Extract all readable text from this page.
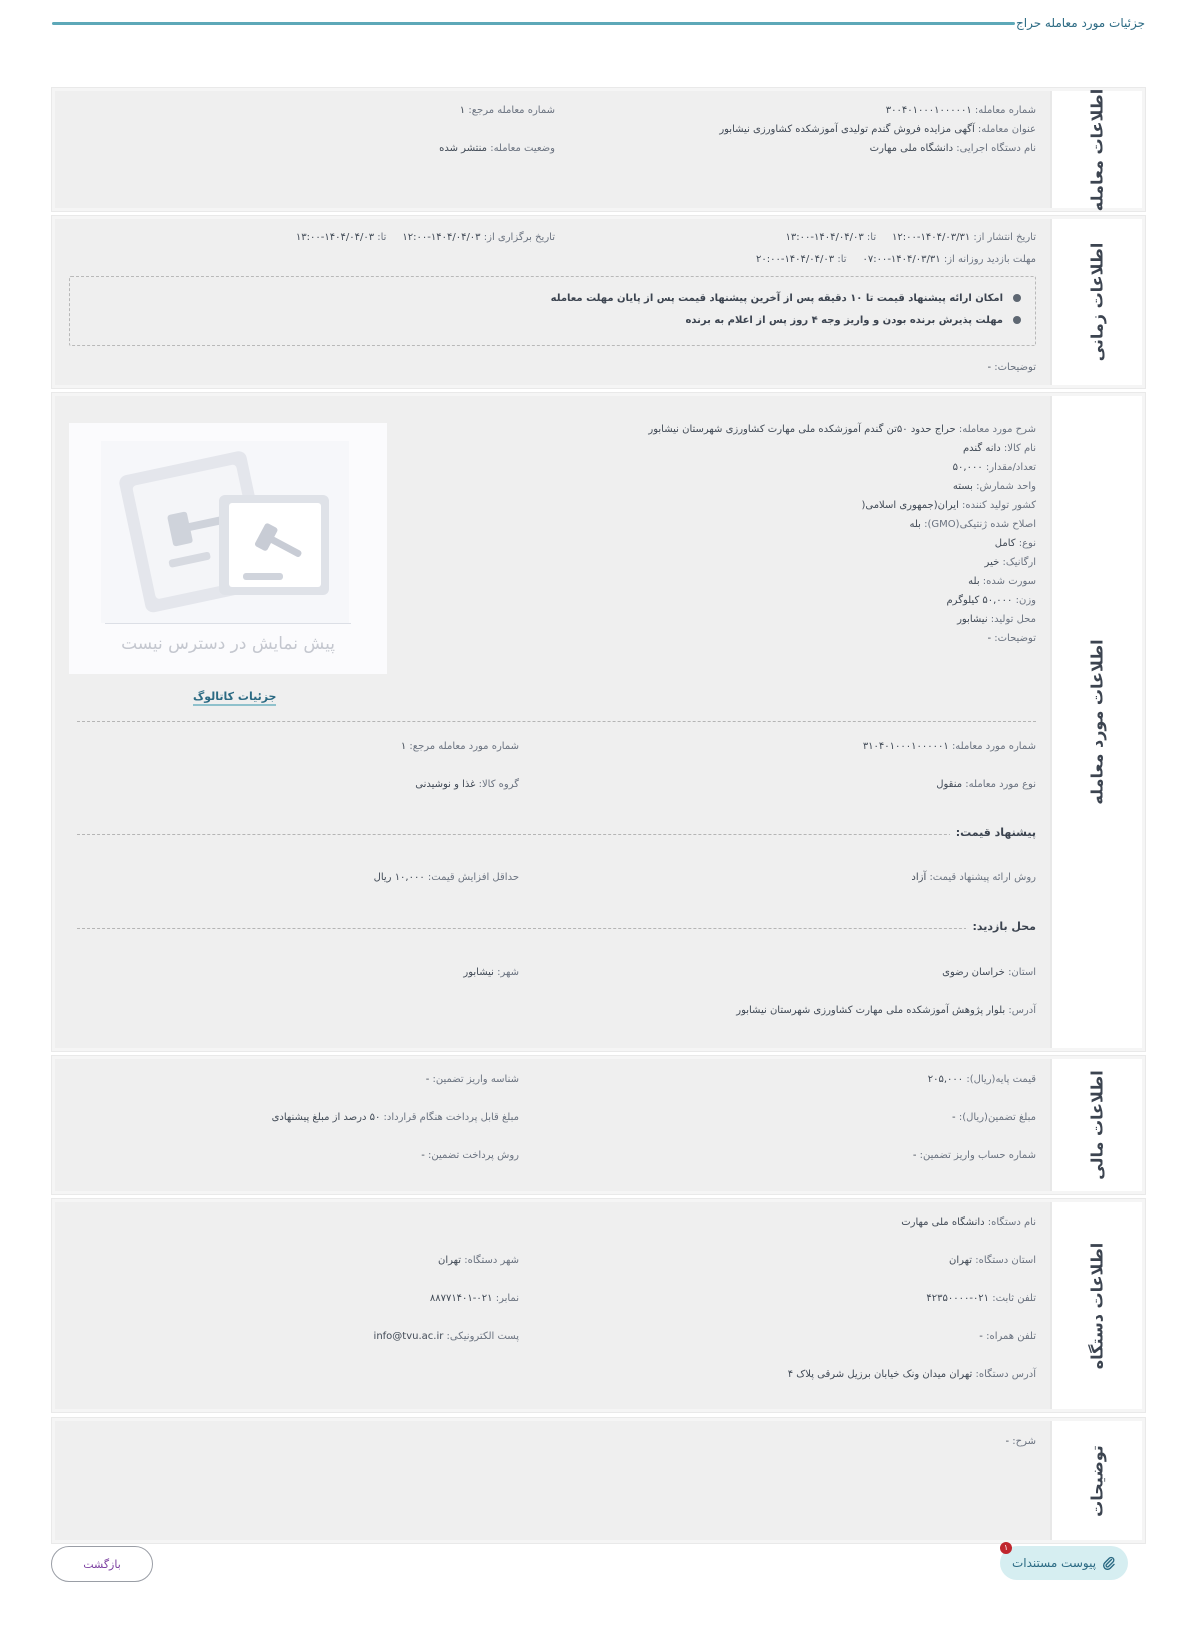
جزئیات مورد معامله حراج
اطلاعات معامله
شماره معامله: ۳۰۰۴۰۱۰۰۰۱۰۰۰۰۰۱
شماره معامله مرجع: ۱
عنوان معامله: آگهی مزایده فروش گندم تولیدی آموزشکده کشاورزی نیشابور
نام دستگاه اجرایی: دانشگاه ملی مهارت
وضعیت معامله: منتشر شده
اطلاعات زمانی
تاریخ انتشار از: ۱۴۰۴/۰۳/۳۱-۱۲:۰۰     تا: ۱۴۰۴/۰۴/۰۳-۱۳:۰۰
تاریخ برگزاری از: ۱۴۰۴/۰۴/۰۳-۱۲:۰۰     تا: ۱۴۰۴/۰۴/۰۳-۱۳:۰۰
مهلت بازدید روزانه از: ۱۴۰۴/۰۳/۳۱-۰۷:۰۰     تا: ۱۴۰۴/۰۴/۰۳-۲۰:۰۰
امکان ارائه پیشنهاد قیمت تا ۱۰ دقیقه پس از آخرین پیشنهاد قیمت پس از پایان مهلت معامله
مهلت پذیرش برنده بودن و واریز وجه ۴ روز پس از اعلام به برنده
توضیحات: -
اطلاعات مورد معامله
شرح مورد معامله: حراج حدود ۵۰تن گندم آموزشکده ملی مهارت کشاورزی شهرستان نیشابور
نام کالا: دانه گندم
تعداد/مقدار: ۵۰,۰۰۰
واحد شمارش: بسته
کشور تولید کننده: ایران(جمهوری اسلامی(
اصلاح شده ژنتیکی(GMO): بله
نوع: کامل
ارگانیک: خیر
سورت شده: بله
وزن: ۵۰,۰۰۰ کیلوگرم
محل تولید: نیشابور
توضیحات: -
پیش نمایش در دسترس نیست
جزئیات کاتالوگ
شماره مورد معامله: ۳۱۰۴۰۱۰۰۰۱۰۰۰۰۰۱
شماره مورد معامله مرجع: ۱
نوع مورد معامله: منقول
گروه کالا: غذا و نوشیدنی
پیشنهاد قیمت:
روش ارائه پیشنهاد قیمت: آزاد
حداقل افزایش قیمت: ۱۰,۰۰۰ ریال
محل بازدید:
استان: خراسان رضوی
شهر: نیشابور
آدرس: بلوار پژوهش آموزشکده ملی مهارت کشاورزی شهرستان نیشابور
اطلاعات مالی
قیمت پایه(ریال): ۲۰۵,۰۰۰
شناسه واریز تضمین: -
مبلغ تضمین(ریال): -
مبلغ قابل پرداخت هنگام قرارداد: ۵۰ درصد از مبلغ پیشنهادی
شماره حساب واریز تضمین: -
روش پرداخت تضمین: -
اطلاعات دستگاه
نام دستگاه: دانشگاه ملی مهارت
استان دستگاه: تهران
شهر دستگاه: تهران
تلفن ثابت: ۰۲۱-۴۲۳۵۰۰۰۰
نمابر: ۰۲۱-۸۸۷۷۱۴۰۱
تلفن همراه: -
پست الکترونیکی: info@tvu.ac.ir
آدرس دستگاه: تهران میدان ونک خیابان برزیل شرقی پلاک ۴
توضیحات
شرح: -
پیوست مستندات
۱
بازگشت
